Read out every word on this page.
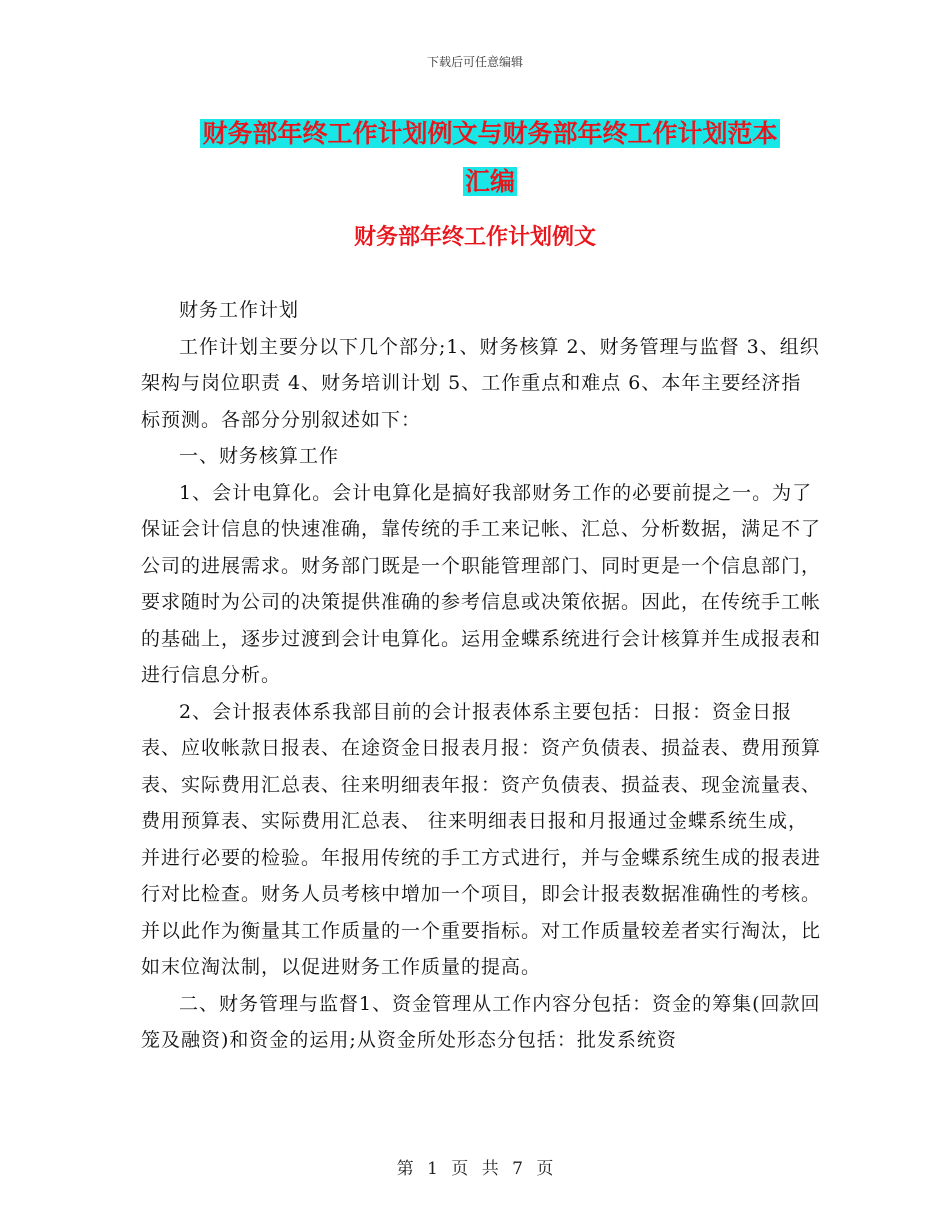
下载后可任意编辑
财务部年终工作计划例文与财务部年终工作计划范本
汇编
财务部年终工作计划例文

财务工作计划

工作计划主要分以下几个部分;1、财务核算 2、财务管理与监督 3、组织架构与岗位职责 4、财务培训计划 5、工作重点和难点 6、本年主要经济指标预测。各部分分别叙述如下：

一、财务核算工作

1、会计电算化。会计电算化是搞好我部财务工作的必要前提之一。为了保证会计信息的快速准确，靠传统的手工来记帐、汇总、分析数据，满足不了公司的进展需求。财务部门既是一个职能管理部门、同时更是一个信息部门，要求随时为公司的决策提供准确的参考信息或决策依据。因此，在传统手工帐的基础上，逐步过渡到会计电算化。运用金蝶系统进行会计核算并生成报表和进行信息分析。

2、会计报表体系我部目前的会计报表体系主要包括：日报：资金日报表、应收帐款日报表、在途资金日报表月报：资产负债表、损益表、费用预算表、实际费用汇总表、往来明细表年报：资产负债表、损益表、现金流量表、费用预算表、实际费用汇总表、 往来明细表日报和月报通过金蝶系统生成，并进行必要的检验。年报用传统的手工方式进行，并与金蝶系统生成的报表进行对比检查。财务人员考核中增加一个项目，即会计报表数据准确性的考核。并以此作为衡量其工作质量的一个重要指标。对工作质量较差者实行淘汰，比如末位淘汰制，以促进财务工作质量的提高。

二、财务管理与监督1、资金管理从工作内容分包括：资金的筹集(回款回笼及融资)和资金的运用;从资金所处形态分包括：批发系统资

第 1 页 共 7 页
